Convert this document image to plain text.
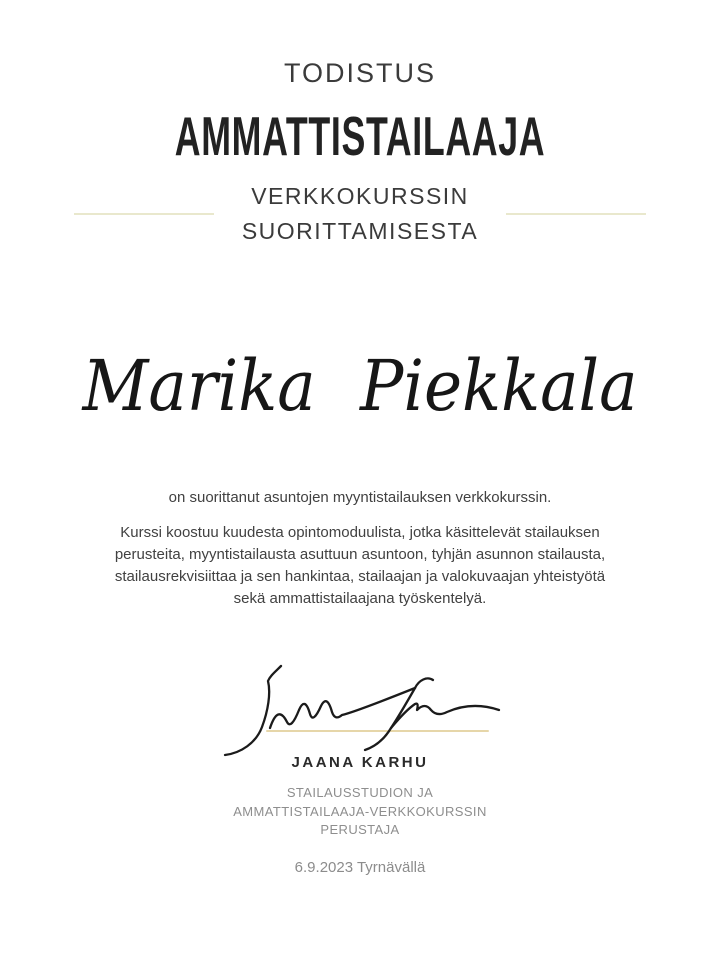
TODISTUS
AMMATTISTAILAAJA
VERKKOKURSSIN
SUORITTAMISESTA
Marika Piekkala
on suorittanut asuntojen myyntistailauksen verkkokurssin.
Kurssi koostuu kuudesta opintomoduulista, jotka käsittelevät stailauksen
perusteita, myyntistailausta asuttuun asuntoon, tyhjän asunnon stailausta,
stailausrekvisiittaa ja sen hankintaa, stailaajan ja valokuvaajan yhteistyötä
sekä ammattistailaajana työskentelyä.
JAANA KARHU
STAILAUSSTUDION JA
AMMATTISTAILAAJA-VERKKOKURSSIN
PERUSTAJA
6.9.2023 Tyrnävällä
